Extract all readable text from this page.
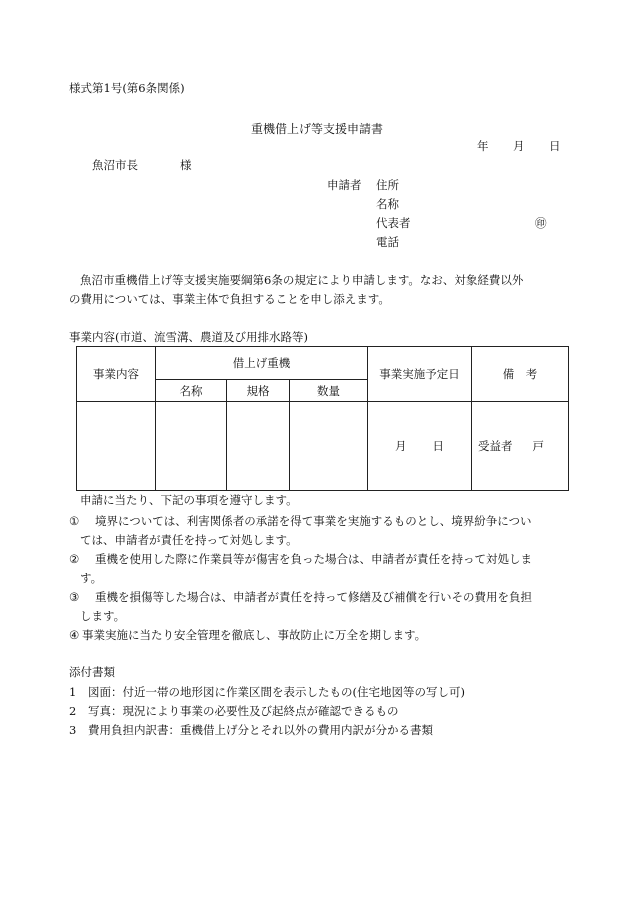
様式第1号(第6条関係)
重機借上げ等支援申請書
年 月 日
魚沼市長	様
申請者 住所
名称
代表者	㊞
電話
魚沼市重機借上げ等支援実施要綱第6条の規定により申請します。なお、対象経費以外
の費用については、事業主体で負担することを申し添えます。
事業内容(市道、流雪溝、農道及び用排水路等)
事業内容	借上げ重機			事業実施予定日	備　考
	名称	規格	数量		
				月 日	受益者 戸
申請に当たり、下記の事項を遵守します。
① 境界については、利害関係者の承諾を得て事業を実施するものとし、境界紛争につい
ては、申請者が責任を持って対処します。
② 重機を使用した際に作業員等が傷害を負った場合は、申請者が責任を持って対処しま
す。
③ 重機を損傷等した場合は、申請者が責任を持って修繕及び補償を行いその費用を負担
します。
④ 事業実施に当たり安全管理を徹底し、事故防止に万全を期します。
添付書類
1 図面：付近一帯の地形図に作業区間を表示したもの(住宅地図等の写し可)
2 写真：現況により事業の必要性及び起終点が確認できるもの
3 費用負担内訳書：重機借上げ分とそれ以外の費用内訳が分かる書類
